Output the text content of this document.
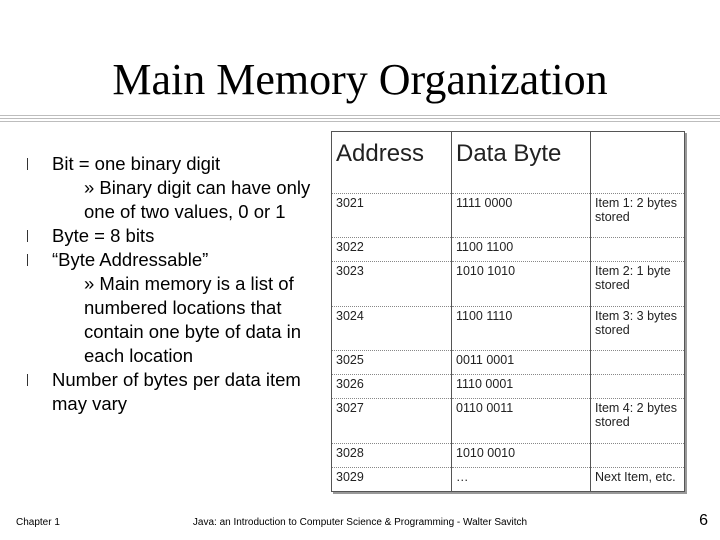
Main Memory Organization
Bit = one binary digit
» Binary digit can have only one of two values, 0 or 1
Byte = 8 bits
“Byte Addressable”
» Main memory is a list of numbered locations that contain one byte of data in each location
Number of bytes per data item may vary
Address	Data Byte	
3021	1111 0000	Item 1: 2 bytes stored
3022	1100 1100	
3023	1010 1010	Item 2: 1 byte stored
3024	1100 1110	Item 3: 3 bytes stored
3025	0011 0001	
3026	1110 0001	
3027	0110 0011	Item 4: 2 bytes stored
3028	1010 0010	
3029	…	Next Item, etc.
Chapter 1	Java: an Introduction to Computer Science & Programming - Walter Savitch	6
